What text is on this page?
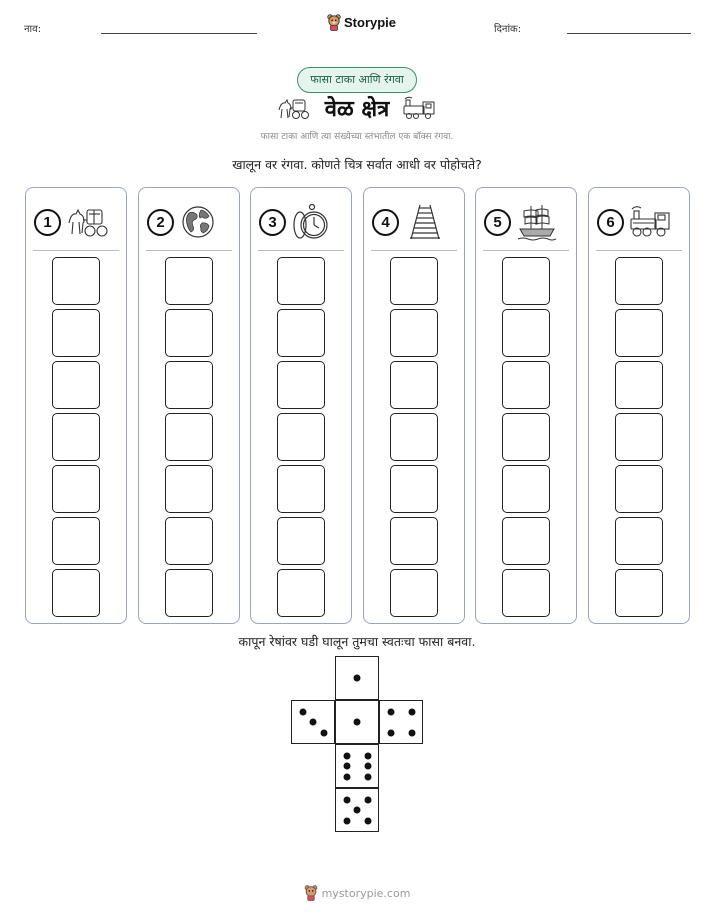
नाव:	Storypie	दिनांक:
फासा टाका आणि रंगवा
वेळ क्षेत्र
फासा टाका आणि त्या संख्येच्या स्तंभातील एक बॉक्स रंगवा.
खालून वर रंगवा. कोणते चित्र सर्वात आधी वर पोहोचते?
1	2	3	4	5	6
कापून रेषांवर घडी घालून तुमचा स्वतःचा फासा बनवा.
mystorypie.com
